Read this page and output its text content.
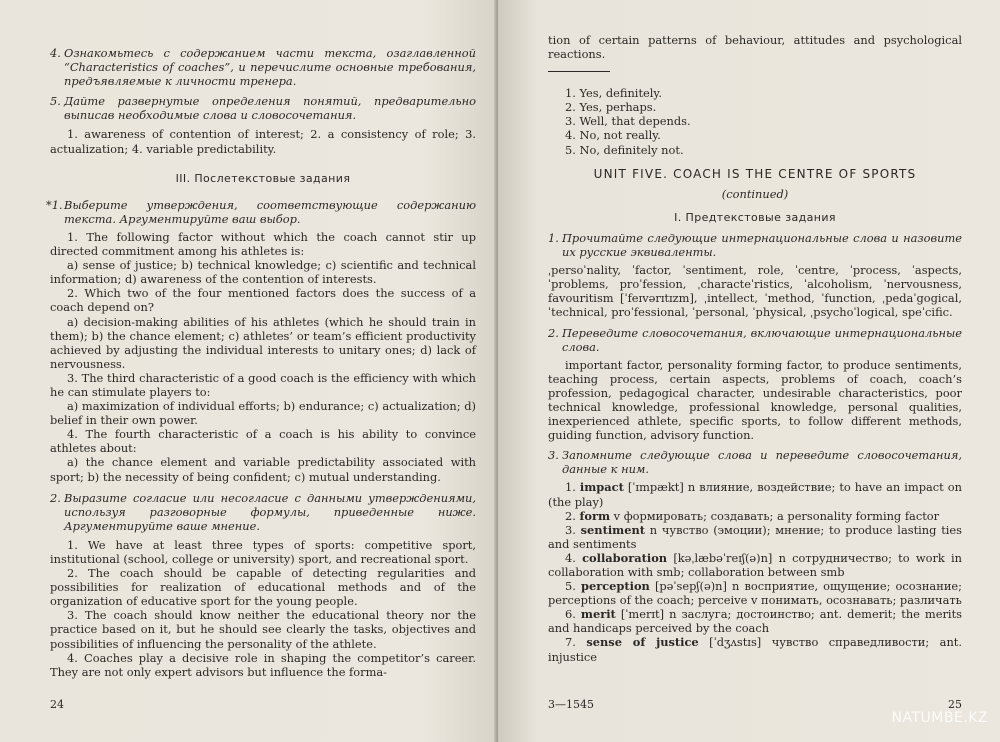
4. Ознакомьтесь с содержанием части текста, озаглавленной “Characteristics of coaches”, и перечислите основные требования, предъявляемые к личности тренера.

5. Дайте развернутые определения понятий, предварительно выписав необходимые слова и словосочетания.

1. awareness of contention of interest; 2. a consistency of role; 3. actualization; 4. variable predictability.

III. Послетекстовые задания
*1. Выберите утверждения, соответствующие содержанию текста. Аргументируйте ваш выбор.

1. The following factor without which the coach cannot stir up directed commitment among his athletes is:

a) sense of justice; b) technical knowledge; c) scientific and technical information; d) awareness of the contention of interests.

2. Which two of the four mentioned factors does the success of a coach depend on?

a) decision-making abilities of his athletes (which he should train in them); b) the chance element; c) athletes’ or team’s efficient productivity achieved by adjusting the individual interests to unitary ones; d) lack of nervousness.

3. The third characteristic of a good coach is the efficiency with which he can stimulate players to:

a) maximization of individual efforts; b) endurance; c) actualization; d) belief in their own power.

4. The fourth characteristic of a coach is his ability to convince athletes about:

a) the chance element and variable predictability associated with sport; b) the necessity of being confident; c) mutual understanding.

2. Выразите согласие или несогласие с данными утверждениями, используя разговорные формулы, приведенные ниже. Аргументируйте ваше мнение.

1. We have at least three types of sports: competitive sport, institutional (school, college or university) sport, and recreational sport.

2. The coach should be capable of detecting regularities and possibilities for realization of educational methods and of the organization of educative sport for the young people.

3. The coach should know neither the educational theory nor the practice based on it, but he should see clearly the tasks, objectives and possibilities of influencing the personality of the athlete.

4. Coaches play a decisive role in shaping the competitor’s career. They are not only expert advisors but influence the forma-

24

tion of certain patterns of behaviour, attitudes and psychological reactions.

1. Yes, definitely.
2. Yes, perhaps.
3. Well, that depends.
4. No, not really.
5. No, definitely not.
UNIT FIVE. COACH IS THE CENTRE OF SPORTS
(continued)
I. Предтекстовые задания
1. Прочитайте следующие интернациональные слова и назовите их русские эквиваленты.

ˌpersoˈnality, ˈfactor, ˈsentiment, role, ˈcentre, ˈprocess, ˈaspects, ˈproblems, proˈfession, ˌcharacteˈristics, ˈalcoholism, ˈnervousness, favouritism [ˈfeɪvərɪtɪzm], ˌintellect, ˈmethod, ˈfunction, ˌpedaˈgogical, ˈtechnical, proˈfessional, ˈpersonal, ˈphysical, ˌpsychoˈlogical, speˈcific.

2. Переведите словосочетания, включающие интернациональные слова.

important factor, personality forming factor, to produce sentiments, teaching process, certain aspects, problems of coach, coach’s profession, pedagogical character, undesirable characteristics, poor technical knowledge, professional knowledge, personal qualities, inexperienced athlete, specific sports, to follow different methods, guiding function, advisory function.

3. Запомните следующие слова и переведите словосочетания, данные к ним.

1. impact [ˈɪmpækt] n влияние, воздействие; to have an impact on (the play)

2. form v формировать; создавать; a personality forming factor

3. sentiment n чувство (эмоции); мнение; to produce lasting ties and sentiments

4. collaboration [kəˌlæbəˈreɪʃ(ə)n] n сотрудничество; to work in collaboration with smb; collaboration between smb

5. perception [pəˈsepʃ(ə)n] n восприятие, ощущение; осознание; perceptions of the coach; perceive v понимать, осознавать; различать

6. merit [ˈmerɪt] n заслуга; достоинство; ant. demerit; the merits and handicaps perceived by the coach

7. sense of justice [ˈdʒʌstɪs] чувство справедливости; ant. injustice

3—1545	25
NATUMBE.KZ
